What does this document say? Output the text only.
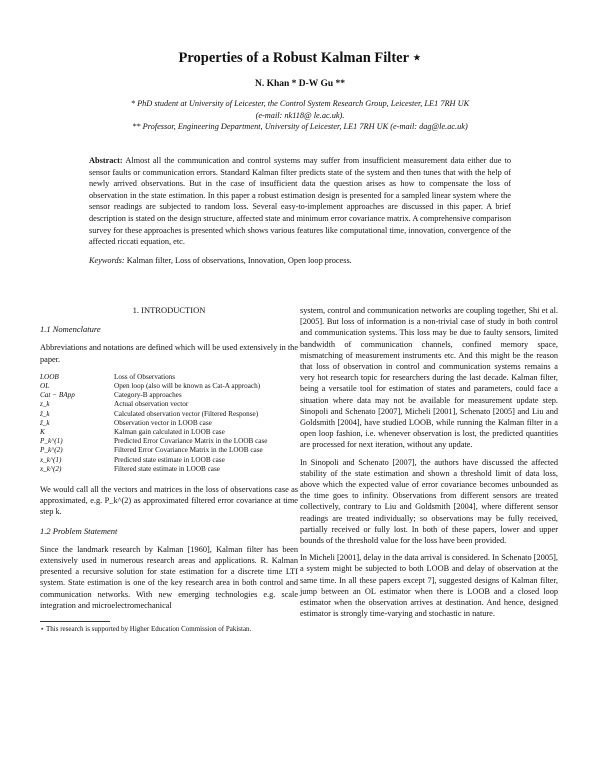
Properties of a Robust Kalman Filter ⋆
N. Khan * D-W Gu **
* PhD student at University of Leicester, the Control System Research Group, Leicester, LE1 7RH UK (e-mail: nk118@ le.ac.uk).
** Professor, Engineering Department, University of Leicester, LE1 7RH UK (e-mail: dag@le.ac.uk)
Abstract: Almost all the communication and control systems may suffer from insufficient measurement data either due to sensor faults or communication errors. Standard Kalman filter predicts state of the system and then tunes that with the help of newly arrived observations. But in the case of insufficient data the question arises as how to compensate the loss of observation in the state estimation. In this paper a robust estimation design is presented for a sampled linear system where the sensor readings are subjected to random loss. Several easy-to-implement approaches are discussed in this paper. A brief description is stated on the design structure, affected state and minimum error covariance matrix. A comprehensive comparison survey for these approaches is presented which shows various features like computational time, innovation, convergence of the affected riccati equation, etc.
Keywords: Kalman filter, Loss of observations, Innovation, Open loop process.
1. INTRODUCTION
1.1 Nomenclature

Abbreviations and notations are defined which will be used extensively in the paper.

LOOB	Loss of Observations
OL	Open loop (also will be known as Cat-A approach)
Cat − BApp	Category-B approaches
z_k	Actual observation vector
ž_k	Calculated observation vector (Filtered Response)
ẑ_k	Observation vector in LOOB case
K	Kalman gain calculated in LOOB case
P_k^(1)	Predicted Error Covariance Matrix in the LOOB case
P_k^(2)	Filtered Error Covariance Matrix in the LOOB case
x_k^(1)	Predicted state estimate in LOOB case
x_k^(2)	Filtered state estimate in LOOB case

We would call all the vectors and matrices in the loss of observations case as approximated, e.g. P_k^(2) as approximated filtered error covariance at time step k.

1.2 Problem Statement

Since the landmark research by Kalman [1960], Kalman filter has been extensively used in numerous research areas and applications. R. Kalman presented a recursive solution for state estimation for a discrete time LTI system. State estimation is one of the key research area in both control and communication networks. With new emerging technologies e.g. scale integration and microelectromechanical

⋆ This research is supported by Higher Education Commission of Pakistan.

system, control and communication networks are coupling together, Shi et al. [2005]. But loss of information is a non-trivial case of study in both control and communication systems. This loss may be due to faulty sensors, limited bandwidth of communication channels, confined memory space, mismatching of measurement instruments etc. And this might be the reason that loss of observation in control and communication systems remains a very hot research topic for researchers during the last decade. Kalman filter, being a versatile tool for estimation of states and parameters, could face a situation where data may not be available for measurement update step. Sinopoli and Schenato [2007], Micheli [2001], Schenato [2005] and Liu and Goldsmith [2004], have studied LOOB, while running the Kalman filter in a open loop fashion, i.e. whenever observation is lost, the predicted quantities are processed for next iteration, without any update.

In Sinopoli and Schenato [2007], the authors have discussed the affected stability of the state estimation and shown a threshold limit of data loss, above which the expected value of error covariance becomes unbounded as the time goes to infinity. Observations from different sensors are treated collectively, contrary to Liu and Goldsmith [2004], where different sensor readings are treated individually; so observations may be fully received, partially received or fully lost. In both of these papers, lower and upper bounds of the threshold value for the loss have been provided.

In Micheli [2001], delay in the data arrival is considered. In Schenato [2005], a system might be subjected to both LOOB and delay of observation at the same time. In all these papers except 7], suggested designs of Kalman filter, jump between an OL estimator when there is LOOB and a closed loop estimator when the observation arrives at destination. And hence, designed estimator is strongly time-varying and stochastic in nature.
